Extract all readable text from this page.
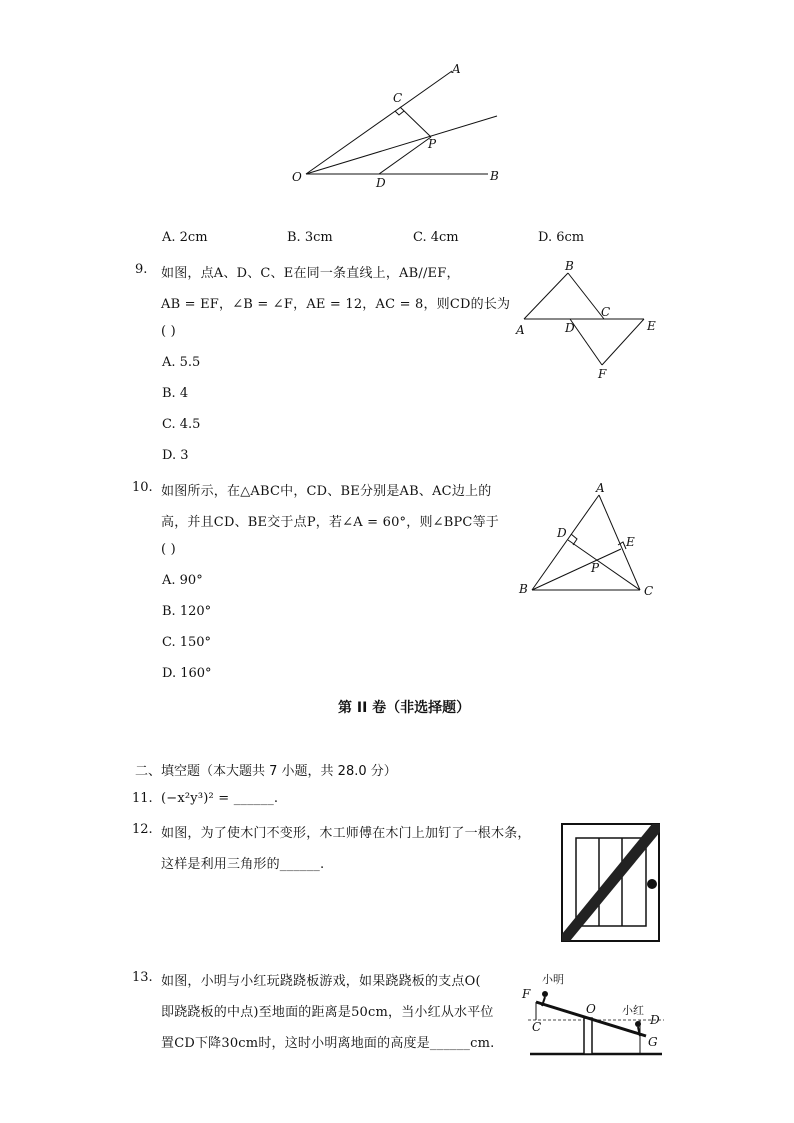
A
B
C
D
O
P
A. 2cm	B. 3cm	C. 4cm	D. 6cm
9. 如图，点A、D、C、E在同一条直线上，AB//EF，
AB = EF，∠B = ∠F，AE = 12，AC = 8，则CD的长为
( )
A. 5.5
B. 4
C. 4.5
D. 3
B
A	D
C
E
F
10. 如图所示，在△ABC中，CD、BE分别是AB、AC边上的
高，并且CD、BE交于点P，若∠A = 60°，则∠BPC等于
( )
A. 90°
B. 120°
C. 150°
D. 160°
A
D
E
P
B	C
第 II 卷（非选择题）
二、填空题（本大题共 7 小题，共 28.0 分）
11. (−x²y³)² = ______.
12. 如图，为了使木门不变形，木工师傅在木门上加钉了一根木条，
这样是利用三角形的______.
13. 如图，小明与小红玩跷跷板游戏，如果跷跷板的支点O(
即跷跷板的中点)至地面的距离是50cm，当小红从水平位
置CD下降30cm时，这时小明离地面的高度是______cm.
小明
小红
F
C
O
D
G
